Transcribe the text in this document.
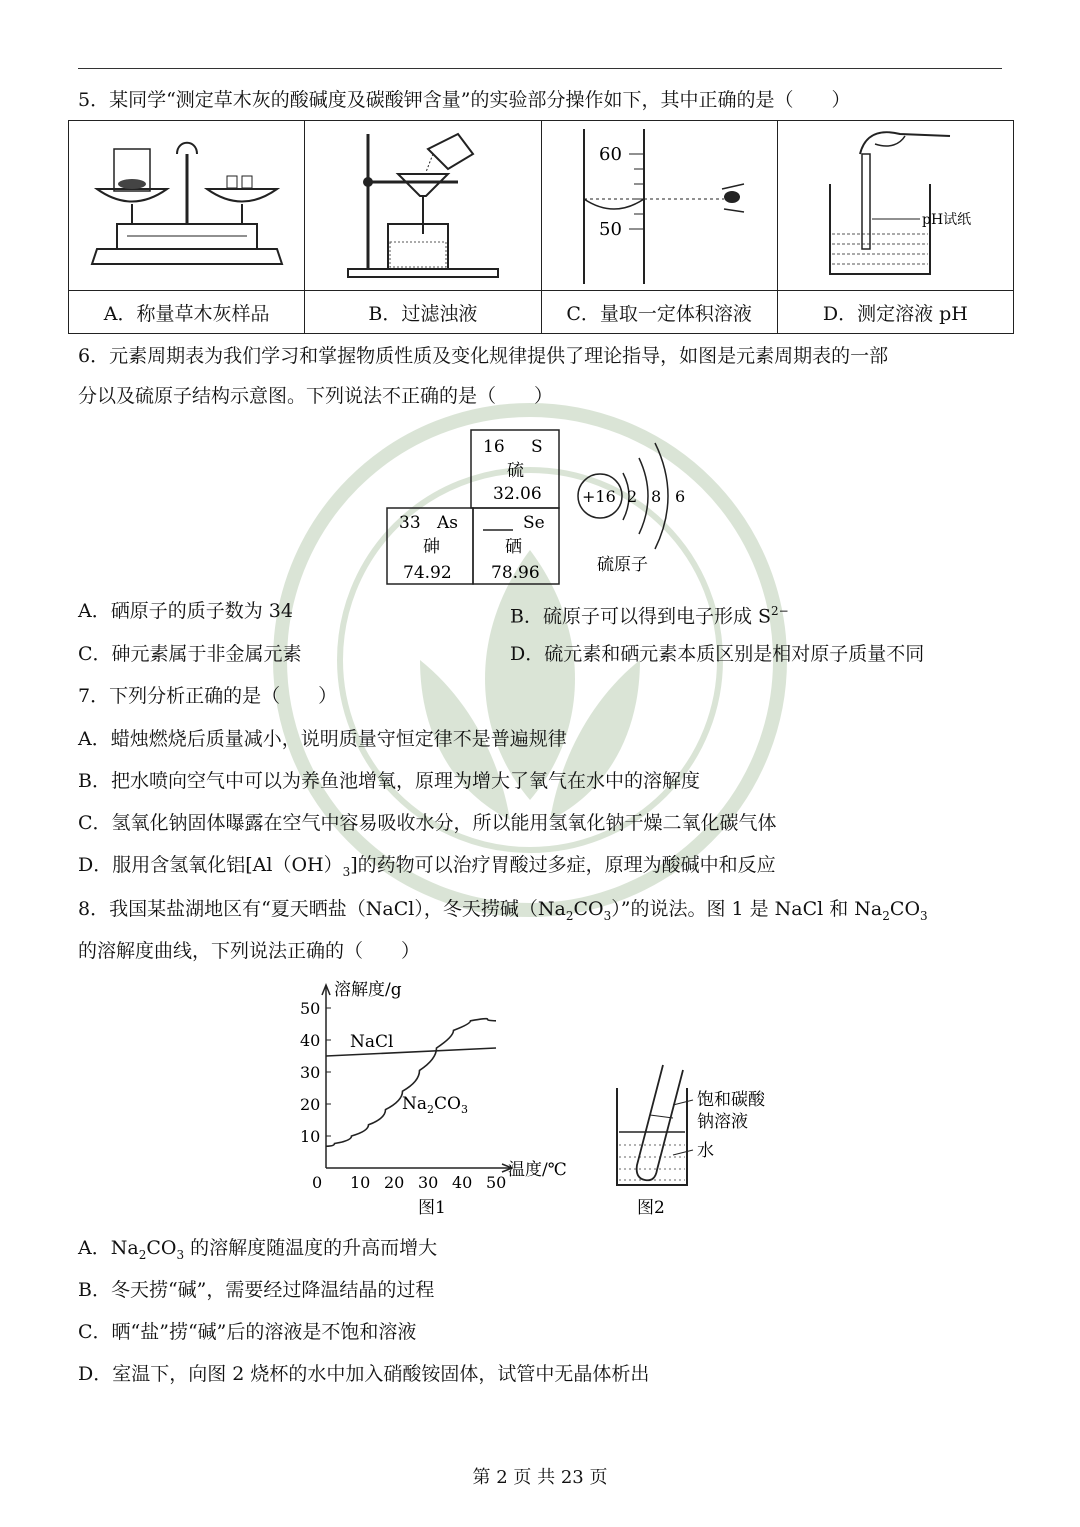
5．某同学“测定草木灰的酸碱度及碳酸钾含量”的实验部分操作如下，其中正确的是（　　）

60
50	pH试纸

A．称量草木灰样品	B．过滤浊液	C．量取一定体积溶液	D．测定溶液 pH
6．元素周期表为我们学习和掌握物质性质及变化规律提供了理论指导，如图是元素周期表的一部
分以及硫原子结构示意图。下列说法不正确的是（　　）
16 S
硫
32.06
33 As
砷
74.92
Se
硒
78.96
+16 2 8 6
硫原子
A．硒原子的质子数为 34	B．硫原子可以得到电子形成 $S^{2-}$
C．砷元素属于非金属元素	D．硫元素和硒元素本质区别是相对原子质量不同
7．下列分析正确的是（　　）
A．蜡烛燃烧后质量减小，说明质量守恒定律不是普遍规律
B．把水喷向空气中可以为养鱼池增氧，原理为增大了氧气在水中的溶解度
C．氢氧化钠固体曝露在空气中容易吸收水分，所以能用氢氧化钠干燥二氧化碳气体
D．服用含氢氧化铝$[Al(OH)_3]$的药物可以治疗胃酸过多症，原理为酸碱中和反应
8．我国某盐湖地区有“夏天晒盐（NaCl），冬天捞碱$(Na_2CO_3)$”的说法。图 1 是 NaCl 和 $Na_2CO_3$
的溶解度曲线，下列说法正确的（　　）
0 10 20 30 40 50
10
20
30
40
50
溶解度/g
温度/℃
图1
NaCl
$Na_2CO_3$	饱和碳酸
钠溶液
水
图2
A．$Na_2CO_3$ 的溶解度随温度的升高而增大
B．冬天捞“碱”，需要经过降温结晶的过程
C．晒“盐”捞“碱”后的溶液是不饱和溶液
D．室温下，向图 2 烧杯的水中加入硝酸铵固体，试管中无晶体析出
第 2 页 共 23 页
